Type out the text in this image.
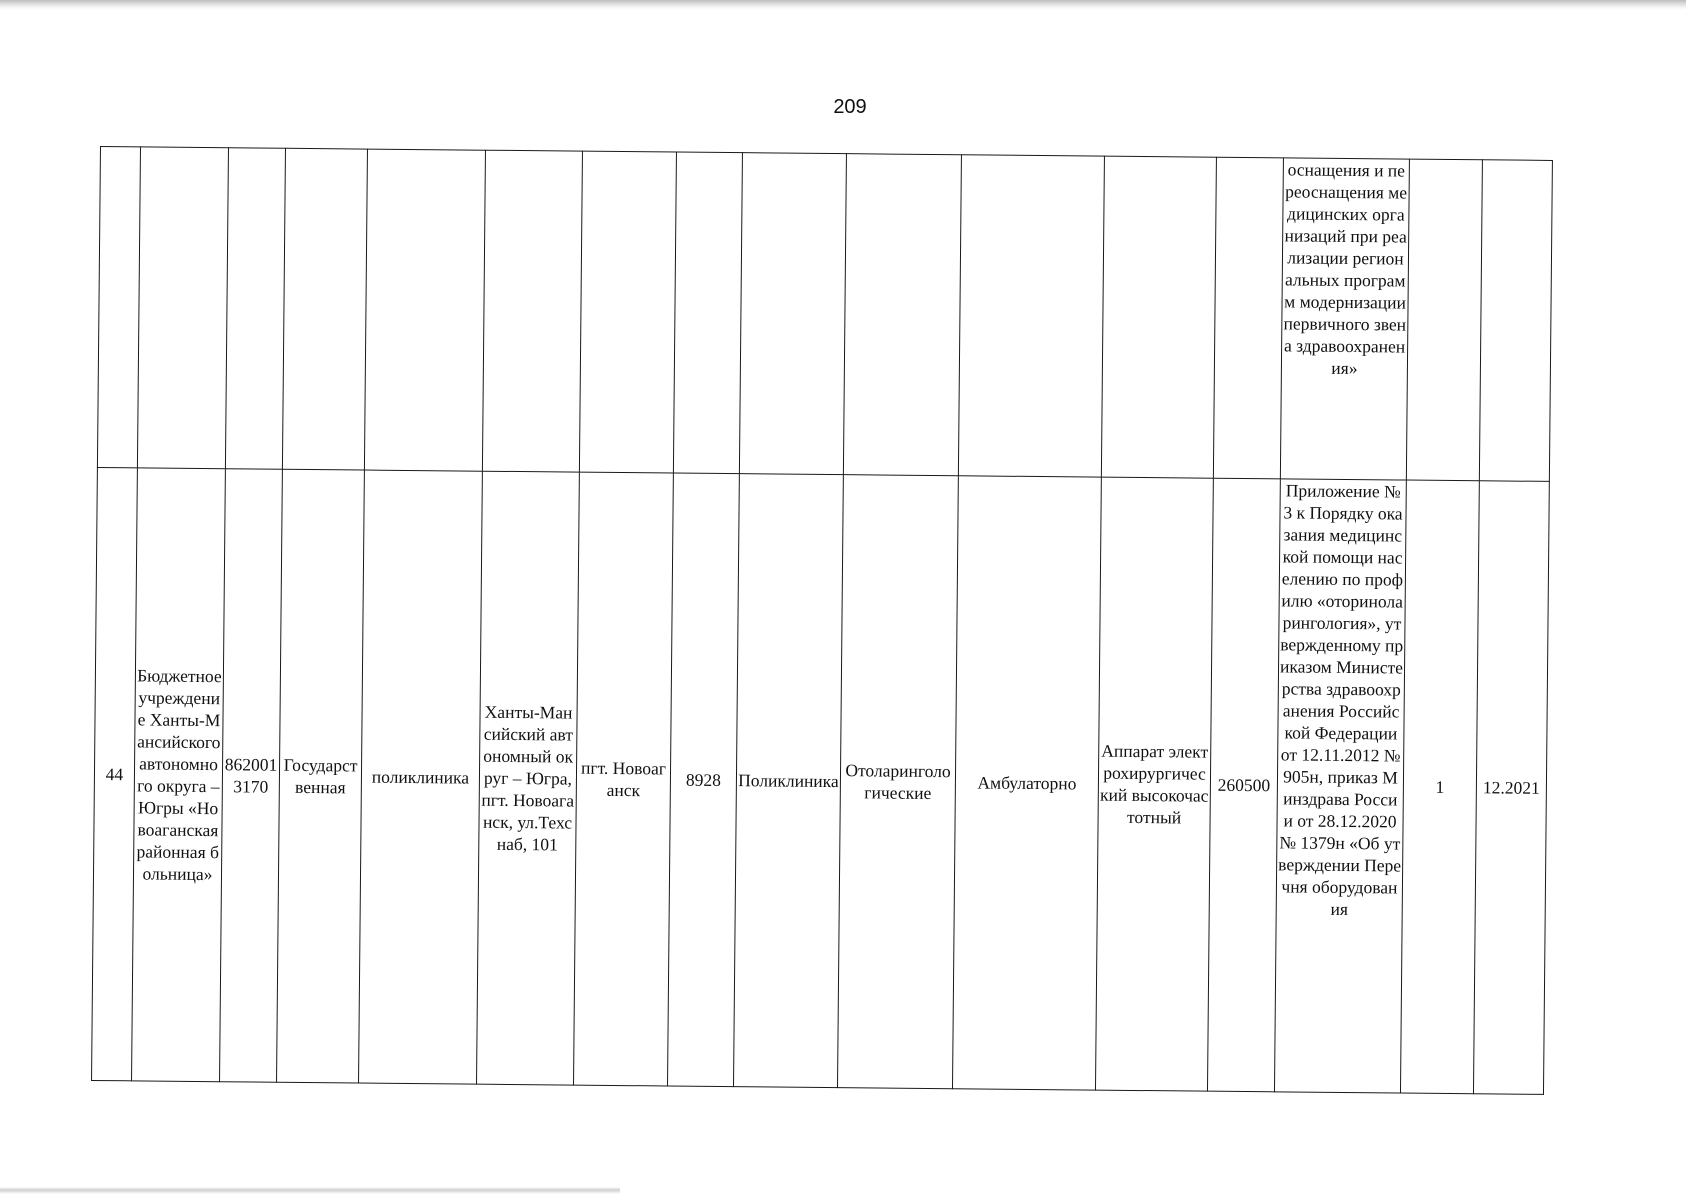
209
													оснащения и переоснащения медицинских организаций при реализации региональных программ модернизации первичного звена здравоохранения»		
44	Бюджетное учреждение Ханты-Мансийского автономного округа – Югры «Новоаганская районная больница»	8620013170	Государственная	поликлиника	Ханты-Мансийский автономный округ – Югра, пгт. Новоаганск, ул.Техснаб, 101	пгт. Новоаганск	8928	Поликлиника	Отоларингологические	Амбулаторно	Аппарат электрохирургический высокочастотный	260500	Приложение № 3 к Порядку оказания медицинской помощи населению по профилю «оториноларингология», утвержденному приказом Министерства здравоохранения Российской Федерации от 12.11.2012 № 905н, приказ Минздрава России от 28.12.2020 № 1379н «Об утверждении Перечня оборудования	1	12.2021
